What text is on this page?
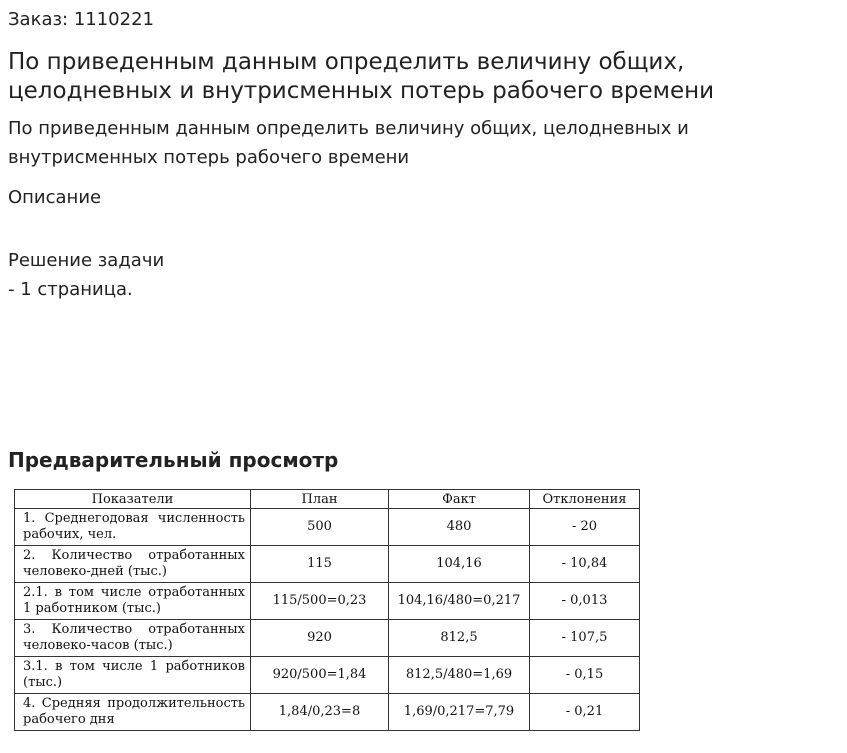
Заказ: 1110221
По приведенным данным определить величину общих, целодневных и внутрисменных потерь рабочего времени

По приведенным данным определить величину общих, целодневных и внутрисменных потерь рабочего времени

Описание
Решение задачи
- 1 страница.
Предварительный просмотр
Показатели	План	Факт	Отклонения
1. Среднегодовая численность рабочих, чел.	500	480	- 20
2. Количество отработанных человеко-дней (тыс.)	115	104,16	- 10,84
2.1. в том числе отработанных 1 работником (тыс.)	115/500=0,23	104,16/480=0,217	- 0,013
3. Количество отработанных человеко-часов (тыс.)	920	812,5	- 107,5
3.1. в том числе 1 работников (тыс.)	920/500=1,84	812,5/480=1,69	- 0,15
4. Средняя продолжительность рабочего дня	1,84/0,23=8	1,69/0,217=7,79	- 0,21
